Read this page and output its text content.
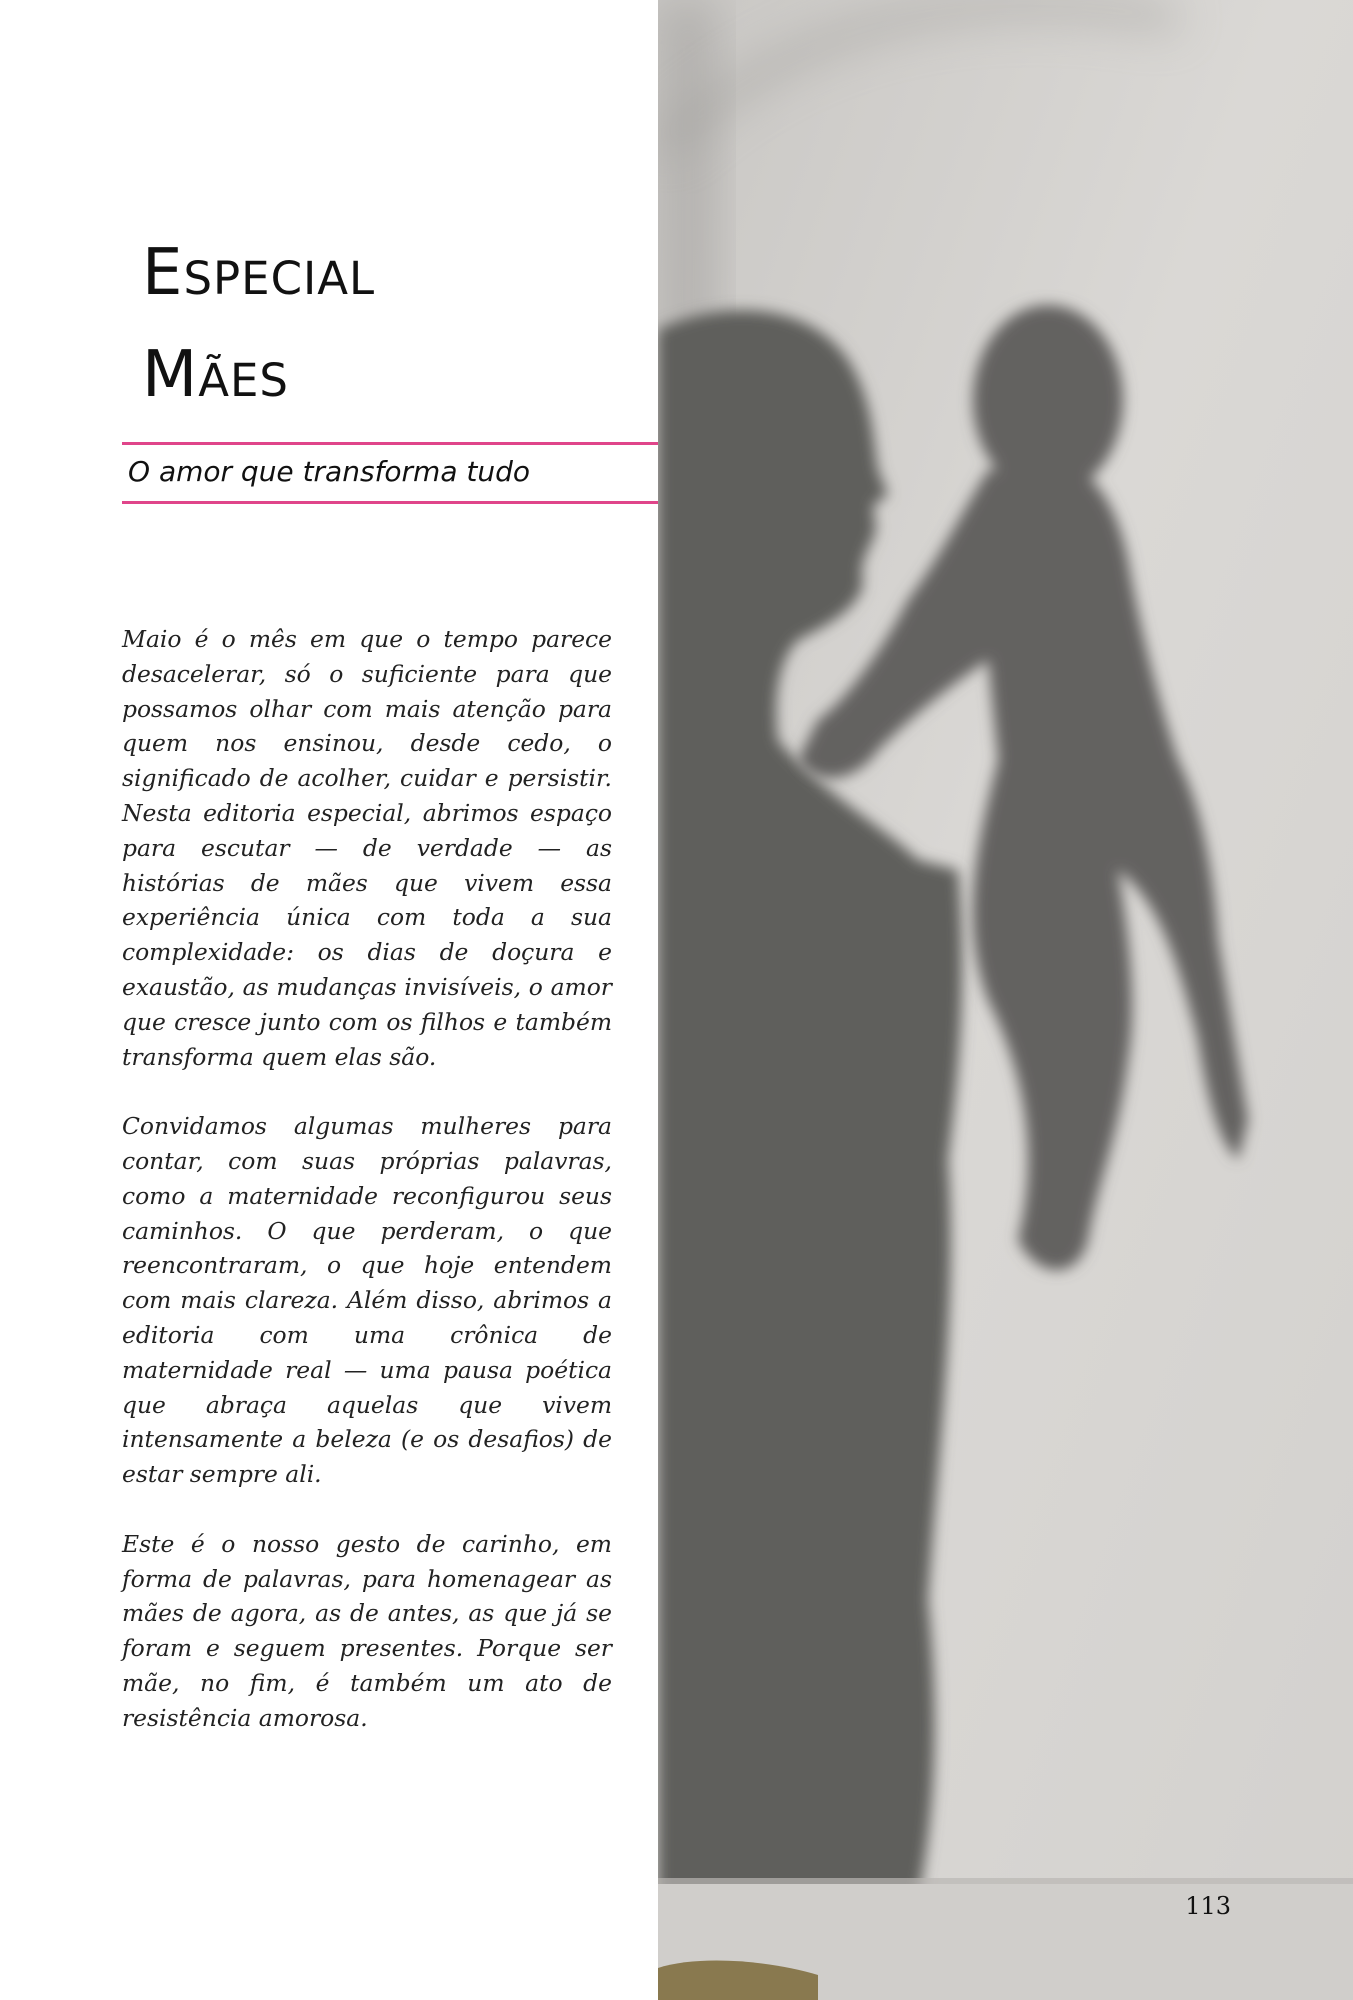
Especial
Mães

O amor que transforma tudo

Maio é o mês em que o tempo parece desacelerar, só o suficiente para que possamos olhar com mais atenção para quem nos ensinou, desde cedo, o significado de acolher, cuidar e persistir. Nesta editoria especial, abrimos espaço para escutar — de verdade — as histórias de mães que vivem essa experiência única com toda a sua complexidade: os dias de doçura e exaustão, as mudanças invisíveis, o amor que cresce junto com os filhos e também transforma quem elas são.

Convidamos algumas mulheres para contar, com suas próprias palavras, como a maternidade reconfigurou seus caminhos. O que perderam, o que reencontraram, o que hoje entendem com mais clareza. Além disso, abrimos a editoria com uma crônica de maternidade real — uma pausa poética que abraça aquelas que vivem intensamente a beleza (e os desafios) de estar sempre ali.

Este é o nosso gesto de carinho, em forma de palavras, para homenagear as mães de agora, as de antes, as que já se foram e seguem presentes. Porque ser mãe, no fim, é também um ato de resistência amorosa.

113
